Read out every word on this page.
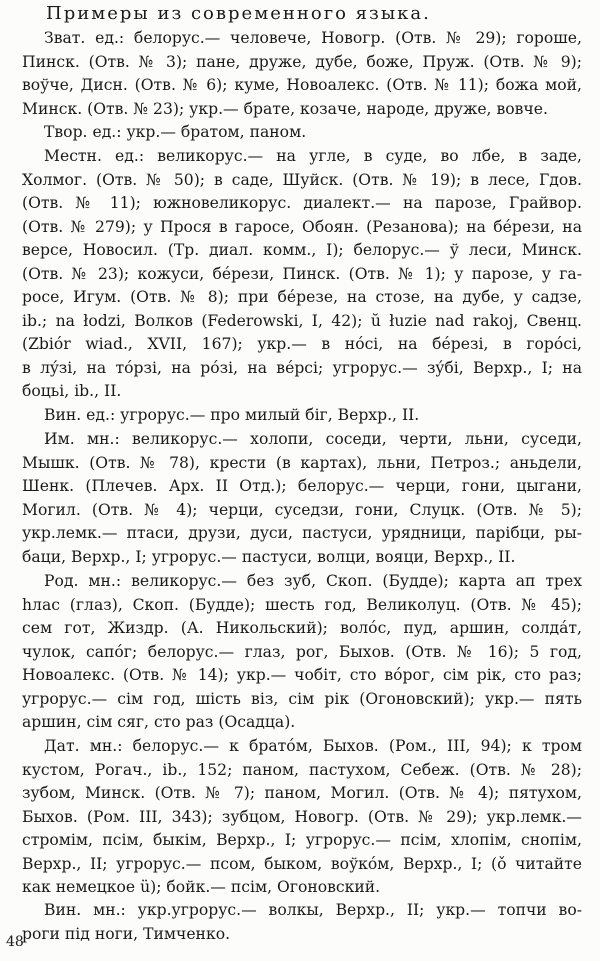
Примеры из современного языка.
Зват. ед.: белорус.— человече, Новогр. (Отв. № 29); гороше,
Пинск. (Отв. № 3); пане, друже, дубе, боже, Пруж. (Отв. № 9);
воўче, Дисн. (Отв. № 6); куме, Новоалекс. (Отв. № 11); божа мой,
Минск. (Отв. № 23); укр.— брате, козаче, народе, друже, вовче.
Твор. ед.: укр.— братом, паном.
Местн. ед.: великорус.— на угле, в суде, во лбе, в заде,
Холмог. (Отв. № 50); в саде, Шуйск. (Отв. № 19); в лесе, Гдов.
(Отв. № 11); южновеликорус. диалект.— на парозе, Грайвор.
(Отв. № 279); у Прося в гаросе, Обоян. (Резанова); на бéрези, на
версе, Новосил. (Тр. диал. комм., I); белорус.— ў леси, Минск.
(Отв. № 23); кожуси, бéрези, Пинск. (Отв. № 1); у парозе, у га-
росе, Игум. (Отв. № 8); при бéрезе, на стозе, на дубе, у садзе,
ib.; na łodzi, Волков (Federowski, I, 42); ŭ łuzie nad rakoj, Свенц.
(Zbiór wiad., XVII, 167); укр.— в нóсі, на бéрезі, в горóсі,
в лýзі, на тóрзі, на рóзі, на вéрсі; угрорус.— зýбі, Верхр., I; на
боцьі, ib., II.
Вин. ед.: угрорус.— про милый біг, Верхр., II.
Им. мн.: великорус.— холопи, соседи, черти, льни, суседи,
Мышк. (Отв. № 78), крести (в картах), льни, Петроз.; аньдели,
Шенк. (Плечев. Арх. II Отд.); белорус.— черци, гони, цыгани,
Могил. (Отв. № 4); черци, суседзи, гони, Слуцк. (Отв. № 5);
укр.лемк.— птаси, друзи, дуси, пастуси, урядници, парібци, ры-
баци, Верхр., I; угрорус.— пастуси, волци, вояци, Верхр., II.
Род. мн.: великорус.— без зуб, Скоп. (Будде); карта ап трех
hлас (глаз), Скоп. (Будде); шесть год, Великолуц. (Отв. № 45);
сем гот, Жиздр. (А. Никольский); волóс, пуд, аршин, солдáт,
чулок, сапóг; белорус.— глаз, рог, Быхов. (Отв. № 16); 5 год,
Новоалекс. (Отв. № 14); укр.— чобіт, сто вóрог, сім рік, сто раз;
угрорус.— сім год, шість віз, сім рік (Огоновский); укр.— пять
аршин, сім сяг, сто раз (Осадца).
Дат. мн.: белорус.— к братóм, Быхов. (Ром., III, 94); к тром
кустом, Рогач., ib., 152; паном, пастухом, Себеж. (Отв. № 28);
зубом, Минск. (Отв. № 7); паном, Могил. (Отв. № 4); пятухом,
Быхов. (Ром. III, 343); зубцом, Новогр. (Отв. № 29); укр.лемк.—
стромім, псім, быкім, Верхр., I; угрорус.— псім, хлопім, снопім,
Верхр., II; угрорус.— псом, быком, воўкóм, Верхр., I; (ǒ читайте
как немецкое ü); бойк.— псім, Огоновский.
Вин. мн.: укр.угрорус.— волкы, Верхр., II; укр.— топчи во-
роги під ноги, Тимченко.
48
